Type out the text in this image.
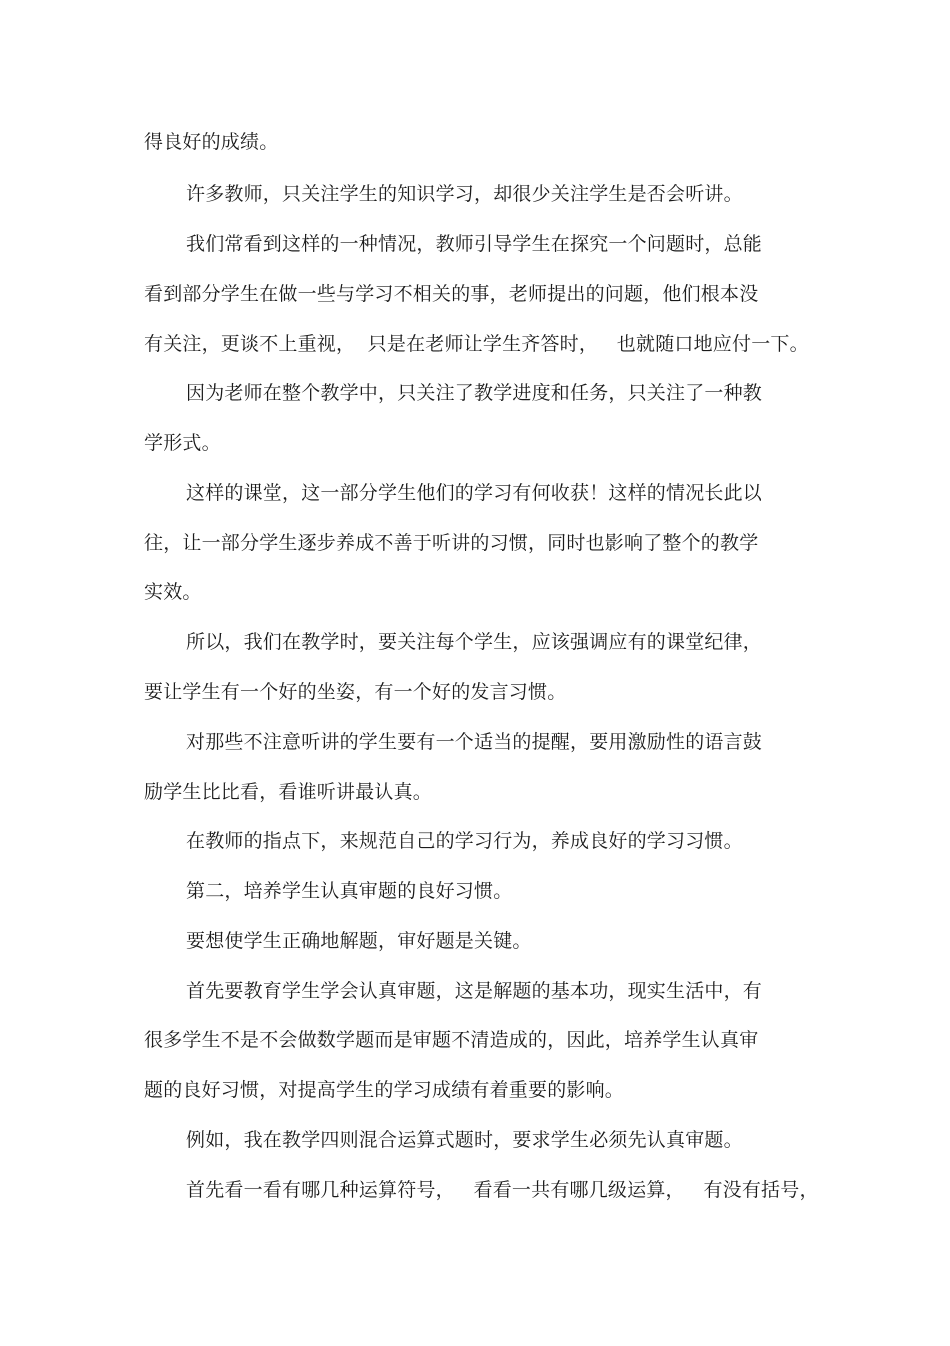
得良好的成绩。
许多教师，只关注学生的知识学习，却很少关注学生是否会听讲。
我们常看到这样的一种情况，教师引导学生在探究一个问题时，总能
看到部分学生在做一些与学习不相关的事，老师提出的问题，他们根本没
有关注，更谈不上重视，  只是在老师让学生齐答时，   也就随口地应付一下。
因为老师在整个教学中，只关注了教学进度和任务，只关注了一种教
学形式。
这样的课堂，这一部分学生他们的学习有何收获！这样的情况长此以
往，让一部分学生逐步养成不善于听讲的习惯，同时也影响了整个的教学
实效。
所以，我们在教学时，要关注每个学生，应该强调应有的课堂纪律，
要让学生有一个好的坐姿，有一个好的发言习惯。
对那些不注意听讲的学生要有一个适当的提醒，要用激励性的语言鼓
励学生比比看，看谁听讲最认真。
在教师的指点下，来规范自己的学习行为，养成良好的学习习惯。
第二，培养学生认真审题的良好习惯。
要想使学生正确地解题，审好题是关键。
首先要教育学生学会认真审题，这是解题的基本功，现实生活中，有
很多学生不是不会做数学题而是审题不清造成的，因此，培养学生认真审
题的良好习惯，对提高学生的学习成绩有着重要的影响。
例如，我在教学四则混合运算式题时，要求学生必须先认真审题。
首先看一看有哪几种运算符号，   看看一共有哪几级运算，   有没有括号，
